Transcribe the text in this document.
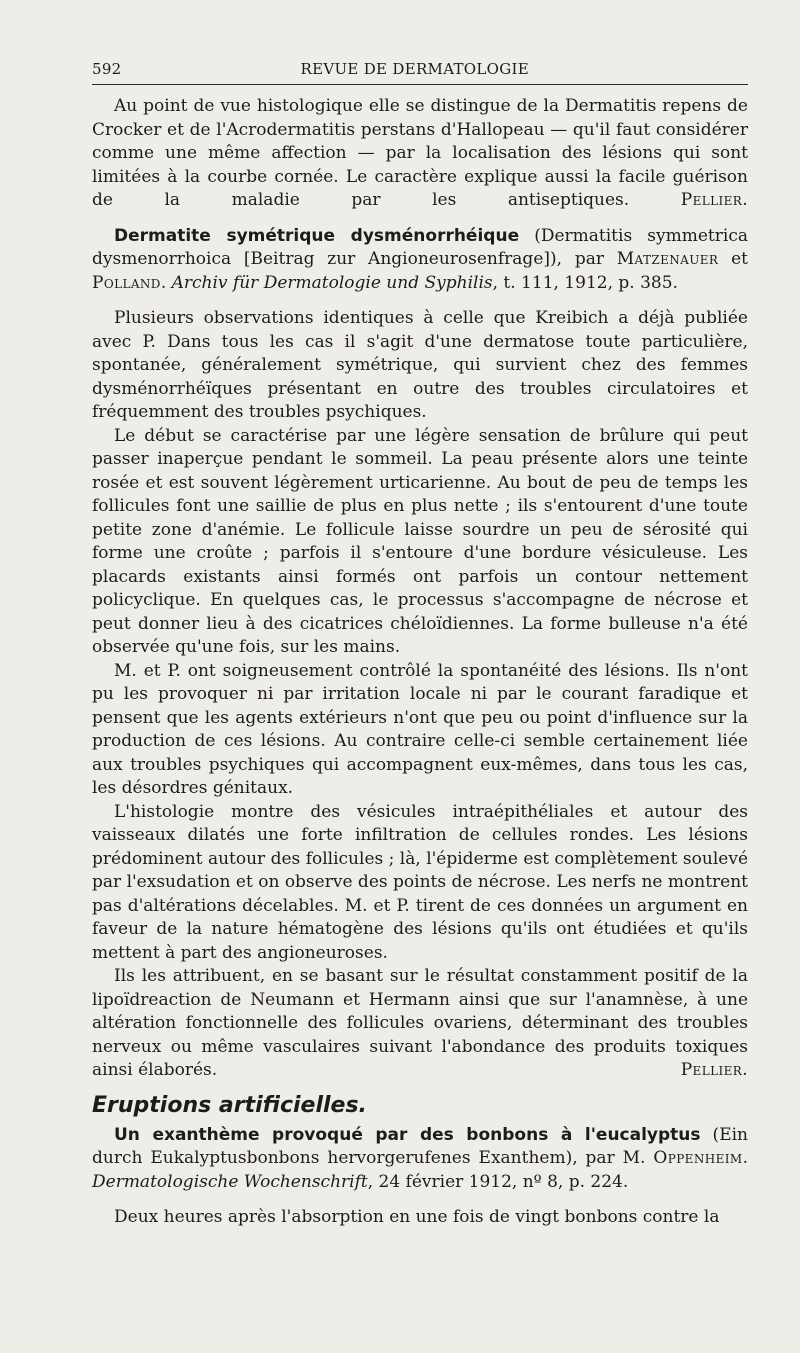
592	REVUE DE DERMATOLOGIE

Au point de vue histologique elle se distingue de la Dermatitis repens de Crocker et de l'Acrodermatitis perstans d'Hallopeau — qu'il faut considérer comme une même affection — par la localisation des lésions qui sont limitées à la courbe cornée. Le caractère explique aussi la facile guérison de la maladie par les antiseptiques.	Pellier.

Dermatite symétrique dysménorrhéique (Dermatitis symmetrica dysmenorrhoica [Beitrag zur Angioneurosenfrage]), par Matzenauer et Polland. Archiv für Dermatologie und Syphilis, t. 111, 1912, p. 385.

Plusieurs observations identiques à celle que Kreibich a déjà publiée avec P. Dans tous les cas il s'agit d'une dermatose toute particulière, spontanée, généralement symétrique, qui survient chez des femmes dysménorrhéïques présentant en outre des troubles circulatoires et fréquemment des troubles psychiques.

Le début se caractérise par une légère sensation de brûlure qui peut passer inaperçue pendant le sommeil. La peau présente alors une teinte rosée et est souvent légèrement urticarienne. Au bout de peu de temps les follicules font une saillie de plus en plus nette ; ils s'entourent d'une toute petite zone d'anémie. Le follicule laisse sourdre un peu de sérosité qui forme une croûte ; parfois il s'entoure d'une bordure vésiculeuse. Les placards existants ainsi formés ont parfois un contour nettement policyclique. En quelques cas, le processus s'accompagne de nécrose et peut donner lieu à des cicatrices chéloïdiennes. La forme bulleuse n'a été observée qu'une fois, sur les mains.

M. et P. ont soigneusement contrôlé la spontanéité des lésions. Ils n'ont pu les provoquer ni par irritation locale ni par le courant faradique et pensent que les agents extérieurs n'ont que peu ou point d'influence sur la production de ces lésions. Au contraire celle-ci semble certainement liée aux troubles psychiques qui accompagnent eux-mêmes, dans tous les cas, les désordres génitaux.

L'histologie montre des vésicules intraépithéliales et autour des vaisseaux dilatés une forte infiltration de cellules rondes. Les lésions prédominent autour des follicules ; là, l'épiderme est complètement soulevé par l'exsudation et on observe des points de nécrose. Les nerfs ne montrent pas d'altérations décelables. M. et P. tirent de ces données un argument en faveur de la nature hématogène des lésions qu'ils ont étudiées et qu'ils mettent à part des angioneuroses.

Ils les attribuent, en se basant sur le résultat constamment positif de la lipoïdreaction de Neumann et Hermann ainsi que sur l'anamnèse, à une altération fonctionnelle des follicules ovariens, déterminant des troubles nerveux ou même vasculaires suivant l'abondance des produits toxiques ainsi élaborés.	Pellier.

Eruptions artificielles.

Un exanthème provoqué par des bonbons à l'eucalyptus (Ein durch Eukalyptusbonbons hervorgerufenes Exanthem), par M. Oppenheim. Dermatologische Wochenschrift, 24 février 1912, nº 8, p. 224.

Deux heures après l'absorption en une fois de vingt bonbons contre la
